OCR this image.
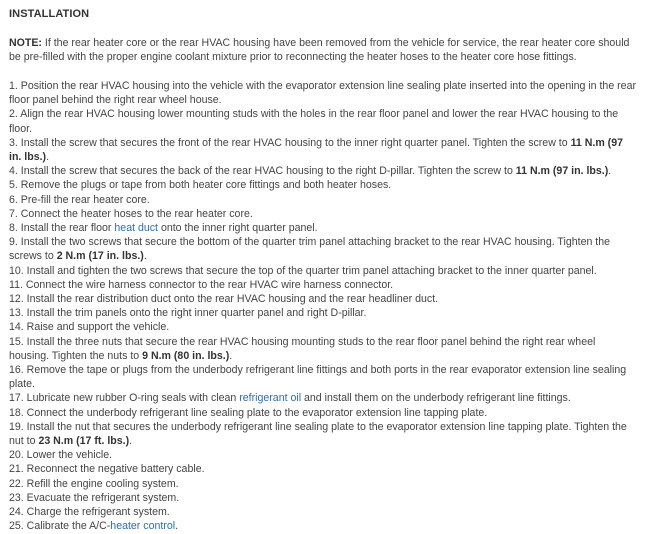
INSTALLATION
NOTE: If the rear heater core or the rear HVAC housing have been removed from the vehicle for service, the rear heater core should be pre-filled with the proper engine coolant mixture prior to reconnecting the heater hoses to the heater core hose fittings.
1. Position the rear HVAC housing into the vehicle with the evaporator extension line sealing plate inserted into the opening in the rear floor panel behind the right rear wheel house.
2. Align the rear HVAC housing lower mounting studs with the holes in the rear floor panel and lower the rear HVAC housing to the floor.
3. Install the screw that secures the front of the rear HVAC housing to the inner right quarter panel. Tighten the screw to 11 N.m (97 in. lbs.).
4. Install the screw that secures the back of the rear HVAC housing to the right D-pillar. Tighten the screw to 11 N.m (97 in. lbs.).
5. Remove the plugs or tape from both heater core fittings and both heater hoses.
6. Pre-fill the rear heater core.
7. Connect the heater hoses to the rear heater core.
8. Install the rear floor heat duct onto the inner right quarter panel.
9. Install the two screws that secure the bottom of the quarter trim panel attaching bracket to the rear HVAC housing. Tighten the screws to 2 N.m (17 in. lbs.).
10. Install and tighten the two screws that secure the top of the quarter trim panel attaching bracket to the inner quarter panel.
11. Connect the wire harness connector to the rear HVAC wire harness connector.
12. Install the rear distribution duct onto the rear HVAC housing and the rear headliner duct.
13. Install the trim panels onto the right inner quarter panel and right D-pillar.
14. Raise and support the vehicle.
15. Install the three nuts that secure the rear HVAC housing mounting studs to the rear floor panel behind the right rear wheel housing. Tighten the nuts to 9 N.m (80 in. lbs.).
16. Remove the tape or plugs from the underbody refrigerant line fittings and both ports in the rear evaporator extension line sealing plate.
17. Lubricate new rubber O-ring seals with clean refrigerant oil and install them on the underbody refrigerant line fittings.
18. Connect the underbody refrigerant line sealing plate to the evaporator extension line tapping plate.
19. Install the nut that secures the underbody refrigerant line sealing plate to the evaporator extension line tapping plate. Tighten the nut to 23 N.m (17 ft. lbs.).
20. Lower the vehicle.
21. Reconnect the negative battery cable.
22. Refill the engine cooling system.
23. Evacuate the refrigerant system.
24. Charge the refrigerant system.
25. Calibrate the A/C-heater control.
